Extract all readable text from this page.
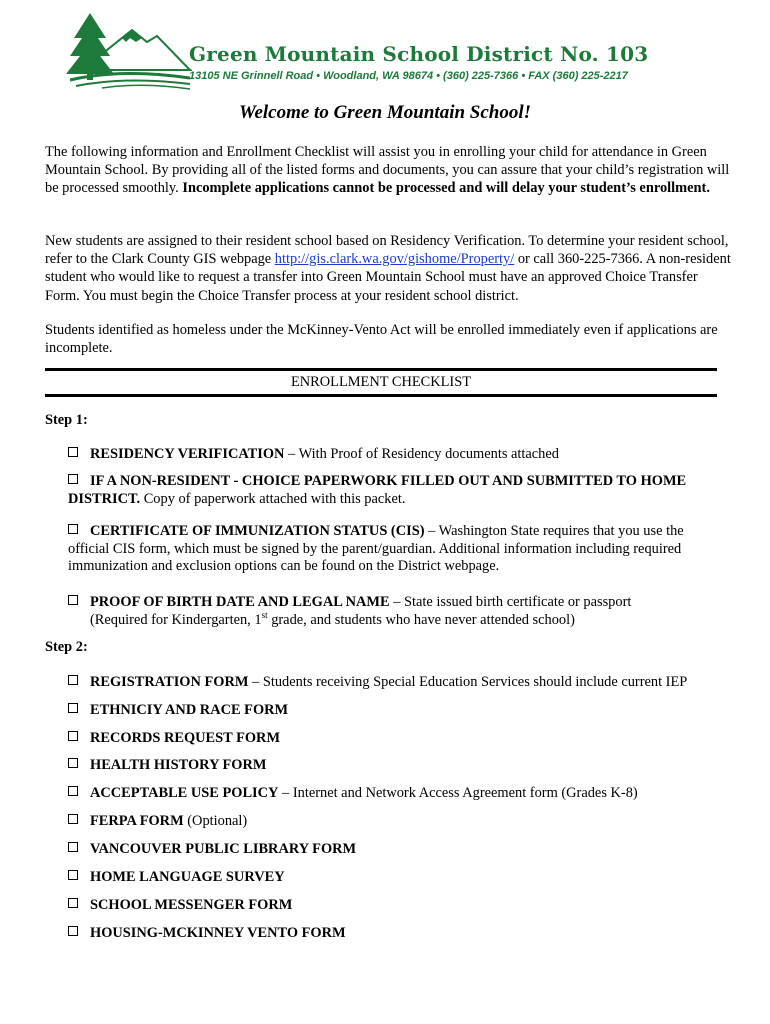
Green Mountain School District No. 103
13105 NE Grinnell Road • Woodland, WA 98674 • (360) 225-7366 • FAX (360) 225-2217
Welcome to Green Mountain School!
The following information and Enrollment Checklist will assist you in enrolling your child for attendance in Green Mountain School. By providing all of the listed forms and documents, you can assure that your child’s registration will be processed smoothly. Incomplete applications cannot be processed and will delay your student’s enrollment.
New students are assigned to their resident school based on Residency Verification. To determine your resident school, refer to the Clark County GIS webpage http://gis.clark.wa.gov/gishome/Property/ or call 360-225-7366. A non-resident student who would like to request a transfer into Green Mountain School must have an approved Choice Transfer Form. You must begin the Choice Transfer process at your resident school district.
Students identified as homeless under the McKinney-Vento Act will be enrolled immediately even if applications are incomplete.
ENROLLMENT CHECKLIST
Step 1:
RESIDENCY VERIFICATION – With Proof of Residency documents attached
IF A NON-RESIDENT - CHOICE PAPERWORK FILLED OUT AND SUBMITTED TO HOME DISTRICT. Copy of paperwork attached with this packet.
CERTIFICATE OF IMMUNIZATION STATUS (CIS) – Washington State requires that you use the official CIS form, which must be signed by the parent/guardian. Additional information including required immunization and exclusion options can be found on the District webpage.
PROOF OF BIRTH DATE AND LEGAL NAME – State issued birth certificate or passport
(Required for Kindergarten, 1st grade, and students who have never attended school)
Step 2:
REGISTRATION FORM – Students receiving Special Education Services should include current IEP
ETHNICIY AND RACE FORM
RECORDS REQUEST FORM
HEALTH HISTORY FORM
ACCEPTABLE USE POLICY – Internet and Network Access Agreement form (Grades K-8)
FERPA FORM (Optional)
VANCOUVER PUBLIC LIBRARY FORM
HOME LANGUAGE SURVEY
SCHOOL MESSENGER FORM
HOUSING-MCKINNEY VENTO FORM
